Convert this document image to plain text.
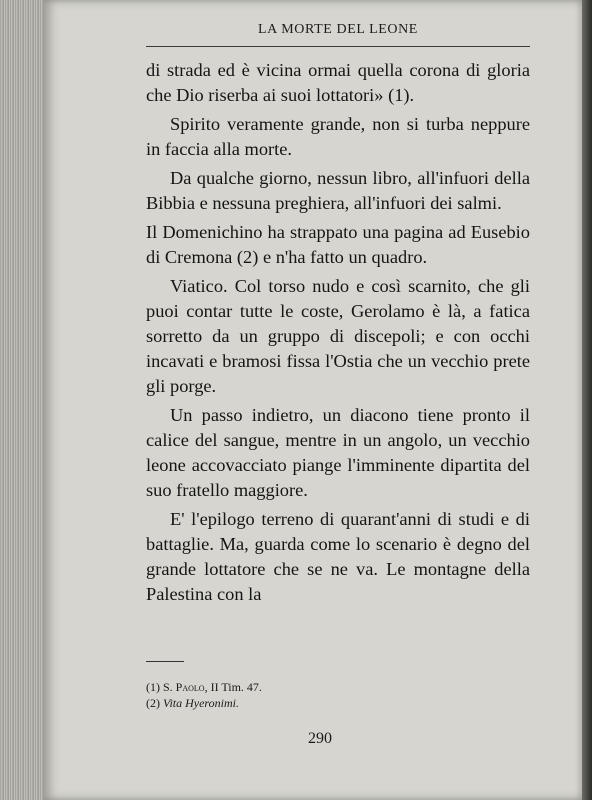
LA MORTE DEL LEONE

di strada ed è vicina ormai quella corona di gloria che Dio riserba ai suoi lottatori» (1).

Spirito veramente grande, non si turba neppure in faccia alla morte.

Da qualche giorno, nessun libro, all'infuori della Bibbia e nessuna preghiera, all'infuori dei salmi.

Il Domenichino ha strappato una pagina ad Eusebio di Cremona (2) e n'ha fatto un quadro.

Viatico. Col torso nudo e così scarnito, che gli puoi contar tutte le coste, Gerolamo è là, a fatica sorretto da un gruppo di discepoli; e con occhi incavati e bramosi fissa l'Ostia che un vecchio prete gli porge.

Un passo indietro, un diacono tiene pronto il calice del sangue, mentre in un angolo, un vecchio leone accovacciato piange l'imminente dipartita del suo fratello maggiore.

E' l'epilogo terreno di quarant'anni di studi e di battaglie. Ma, guarda come lo scenario è degno del grande lottatore che se ne va. Le montagne della Palestina con la

(1) S. Paolo, II Tim. 47.
(2) Vita Hyeronimi.
290
